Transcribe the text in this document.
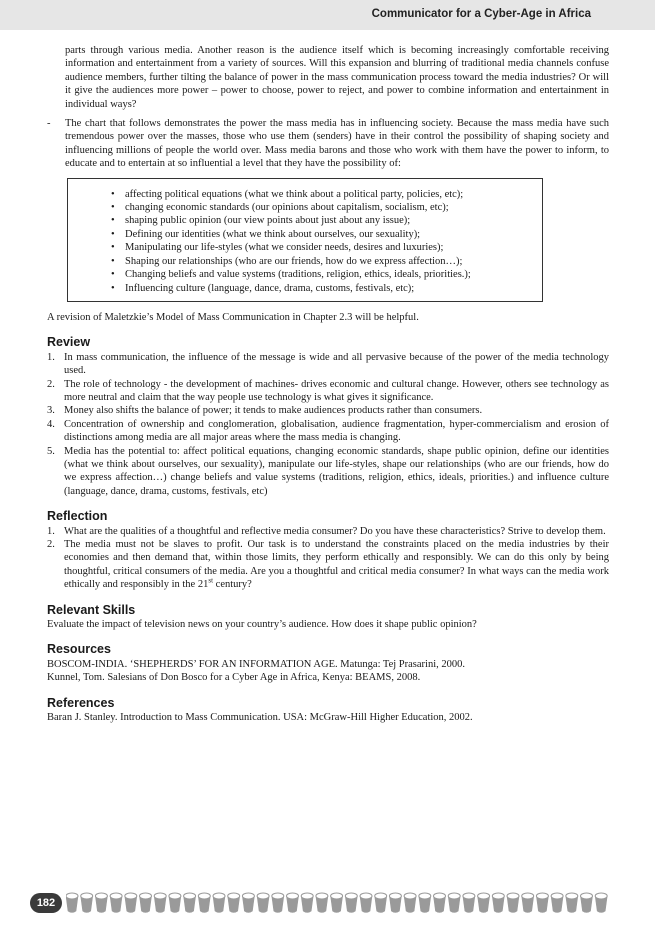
Communicator for a Cyber-Age in Africa

parts through various media. Another reason is the audience itself which is becoming increasingly comfortable receiving information and entertainment from a variety of sources. Will this expansion and blurring of traditional media channels confuse audience members, further tilting the balance of power in the mass communication process toward the media industries? Or will it give the audiences more power – power to choose, power to reject, and power to combine information and entertainment in individual ways?

- The chart that follows demonstrates the power the mass media has in influencing society. Because the mass media have such tremendous power over the masses, those who use them (senders) have in their control the possibility of shaping society and influencing millions of people the world over. Mass media barons and those who work with them have the power to inform, to educate and to entertain at so influential a level that they have the possibility of:
• affecting political equations (what we think about a political party, policies, etc);
• changing economic standards (our opinions about capitalism, socialism, etc);
• shaping public opinion (our view points about just about any issue);
• Defining our identities (what we think about ourselves, our sexuality);
• Manipulating our life-styles (what we consider needs, desires and luxuries);
• Shaping our relationships (who are our friends, how do we express affection…);
• Changing beliefs and value systems (traditions, religion, ethics, ideals, priorities.);
• Influencing culture (language, dance, drama, customs, festivals, etc);

A revision of Maletzkie’s Model of Mass Communication in Chapter 2.3 will be helpful.

Review
1. In mass communication, the influence of the message is wide and all pervasive because of the power of the media technology used.
2. The role of technology - the development of machines- drives economic and cultural change. However, others see technology as more neutral and claim that the way people use technology is what gives it significance.
3. Money also shifts the balance of power; it tends to make audiences products rather than consumers.
4. Concentration of ownership and conglomeration, globalisation, audience fragmentation, hyper-commercialism and erosion of distinctions among media are all major areas where the mass media is changing.
5. Media has the potential to: affect political equations, changing economic standards, shape public opinion, define our identities (what we think about ourselves, our sexuality), manipulate our life-styles, shape our relationships (who are our friends, how do we express affection…) change beliefs and value systems (traditions, religion, ethics, ideals, priorities.) and influence culture (language, dance, drama, customs, festivals, etc)
Reflection
1. What are the qualities of a thoughtful and reflective media consumer? Do you have these characteristics? Strive to develop them.
2. The media must not be slaves to profit. Our task is to understand the constraints placed on the media industries by their economies and then demand that, within those limits, they perform ethically and responsibly. We can do this only by being thoughtful, critical consumers of the media. Are you a thoughtful and critical media consumer? In what ways can the media work ethically and responsibly in the 21st century?
Relevant Skills

Evaluate the impact of television news on your country’s audience. How does it shape public opinion?

Resources

BOSCOM-INDIA. ‘SHEPHERDS’ FOR AN INFORMATION AGE. Matunga: Tej Prasarini, 2000.

Kunnel, Tom. Salesians of Don Bosco for a Cyber Age in Africa, Kenya: BEAMS, 2008.

References

Baran J. Stanley. Introduction to Mass Communication. USA: McGraw-Hill Higher Education, 2002.

182
